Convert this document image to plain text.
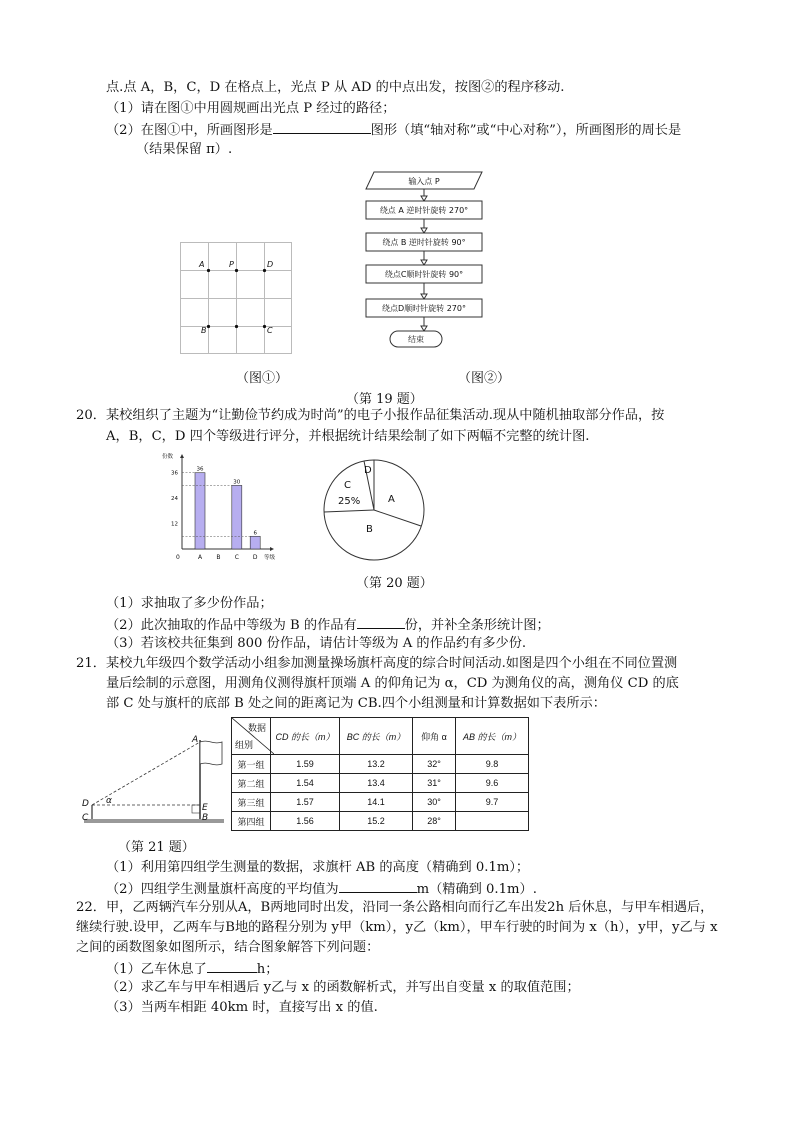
点.点 A，B，C，D 在格点上，光点 P 从 AD 的中点出发，按图②的程序移动.
（1）请在图①中用圆规画出光点 P 经过的路径；
（2）在图①中，所画图形是	图形（填“轴对称”或“中心对称”），所画图形的周长是
（结果保留 π）.
A	P	D
B	C
输入点 P
绕点 A 逆时针旋转 270°
绕点 B 逆时针旋转 90°
绕点C顺时针旋转 90°
绕点D顺时针旋转 270°
结束
（图①）	（图②）
（第 19 题）
20．某校组织了主题为“让勤俭节约成为时尚”的电子小报作品征集活动.现从中随机抽取部分作品，按
A，B，C，D 四个等级进行评分，并根据统计结果绘制了如下两幅不完整的统计图.
份数
等级
0
12
24
36
A
36
B C
30
D
6
D
C
25%	A
B
（第 20 题）
（1）求抽取了多少份作品；
（2）此次抽取的作品中等级为 B 的作品有	份，并补全条形统计图；
（3）若该校共征集到 800 份作品，请估计等级为 A 的作品约有多少份.
21．某校九年级四个数学活动小组参加测量操场旗杆高度的综合时间活动.如图是四个小组在不同位置测
量后绘制的示意图，用测角仪测得旗杆顶端 A 的仰角记为 α，CD 为测角仪的高，测角仪 CD 的底
部 C 处与旗杆的底部 B 处之间的距离记为 CB.四个小组测量和计算数据如下表所示：
A
D α
E
C	B
数据
组别	CD 的长（m）	BC 的长（m）	仰角 α	AB 的长（m）
第一组	1.59	13.2	32°	9.8
第二组	1.54	13.4	31°	9.6
第三组	1.57	14.1	30°	9.7
第四组	1.56	15.2	28°	
（第 21 题）
（1）利用第四组学生测量的数据，求旗杆 AB 的高度（精确到 0.1m）；
（2）四组学生测量旗杆高度的平均值为	m（精确到 0.1m）.
22．甲，乙两辆汽车分别从A，B两地同时出发，沿同一条公路相向而行乙车出发2h 后休息，与甲车相遇后，
继续行驶.设甲，乙两车与B地的路程分别为 y甲（km），y乙（km），甲车行驶的时间为 x（h），y甲，y乙与 x
之间的函数图象如图所示，结合图象解答下列问题：
（1）乙车休息了	h；
（2）求乙车与甲车相遇后 y乙与 x 的函数解析式，并写出自变量 x 的取值范围；
（3）当两车相距 40km 时，直接写出 x 的值.
